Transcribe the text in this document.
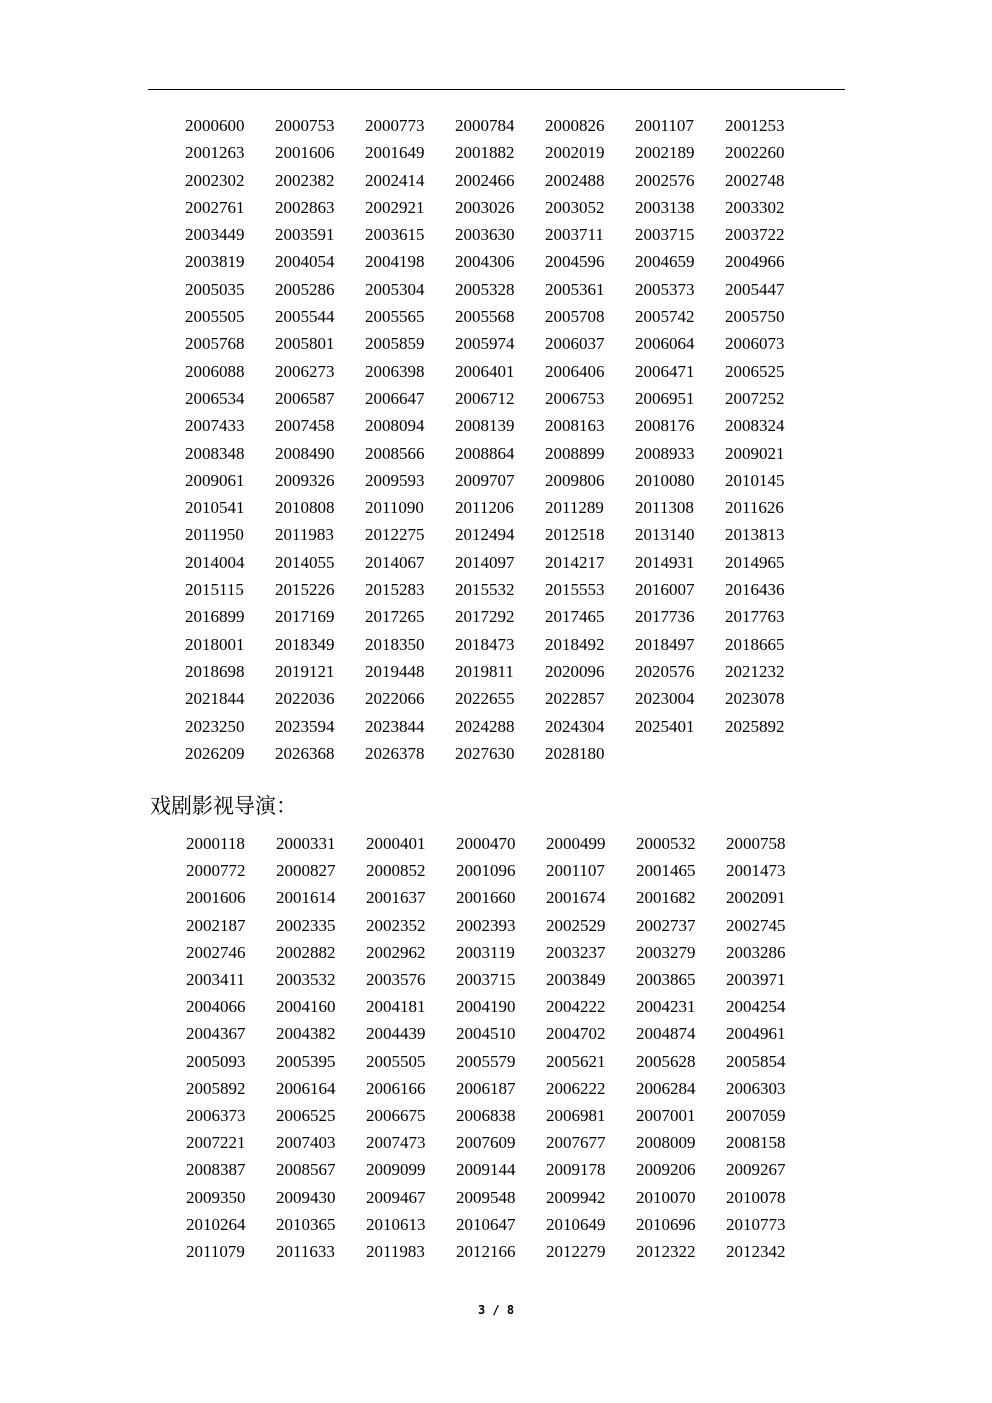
2000600	2000753	2000773	2000784	2000826	2001107	2001253
2001263	2001606	2001649	2001882	2002019	2002189	2002260
2002302	2002382	2002414	2002466	2002488	2002576	2002748
2002761	2002863	2002921	2003026	2003052	2003138	2003302
2003449	2003591	2003615	2003630	2003711	2003715	2003722
2003819	2004054	2004198	2004306	2004596	2004659	2004966
2005035	2005286	2005304	2005328	2005361	2005373	2005447
2005505	2005544	2005565	2005568	2005708	2005742	2005750
2005768	2005801	2005859	2005974	2006037	2006064	2006073
2006088	2006273	2006398	2006401	2006406	2006471	2006525
2006534	2006587	2006647	2006712	2006753	2006951	2007252
2007433	2007458	2008094	2008139	2008163	2008176	2008324
2008348	2008490	2008566	2008864	2008899	2008933	2009021
2009061	2009326	2009593	2009707	2009806	2010080	2010145
2010541	2010808	2011090	2011206	2011289	2011308	2011626
2011950	2011983	2012275	2012494	2012518	2013140	2013813
2014004	2014055	2014067	2014097	2014217	2014931	2014965
2015115	2015226	2015283	2015532	2015553	2016007	2016436
2016899	2017169	2017265	2017292	2017465	2017736	2017763
2018001	2018349	2018350	2018473	2018492	2018497	2018665
2018698	2019121	2019448	2019811	2020096	2020576	2021232
2021844	2022036	2022066	2022655	2022857	2023004	2023078
2023250	2023594	2023844	2024288	2024304	2025401	2025892
2026209	2026368	2026378	2027630	2028180
戏剧影视导演：
2000118	2000331	2000401	2000470	2000499	2000532	2000758
2000772	2000827	2000852	2001096	2001107	2001465	2001473
2001606	2001614	2001637	2001660	2001674	2001682	2002091
2002187	2002335	2002352	2002393	2002529	2002737	2002745
2002746	2002882	2002962	2003119	2003237	2003279	2003286
2003411	2003532	2003576	2003715	2003849	2003865	2003971
2004066	2004160	2004181	2004190	2004222	2004231	2004254
2004367	2004382	2004439	2004510	2004702	2004874	2004961
2005093	2005395	2005505	2005579	2005621	2005628	2005854
2005892	2006164	2006166	2006187	2006222	2006284	2006303
2006373	2006525	2006675	2006838	2006981	2007001	2007059
2007221	2007403	2007473	2007609	2007677	2008009	2008158
2008387	2008567	2009099	2009144	2009178	2009206	2009267
2009350	2009430	2009467	2009548	2009942	2010070	2010078
2010264	2010365	2010613	2010647	2010649	2010696	2010773
2011079	2011633	2011983	2012166	2012279	2012322	2012342
3 / 8
